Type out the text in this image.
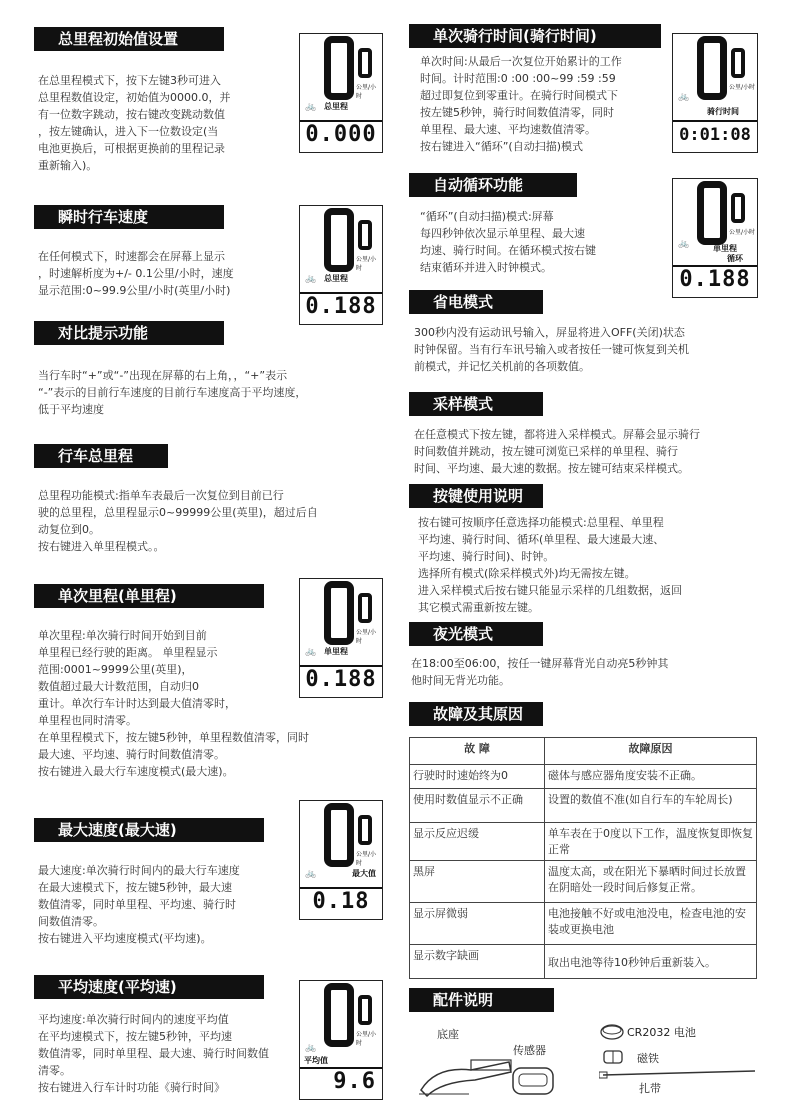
总里程初始值设置
在总里程模式下，按下左键3秒可进入
总里程数值设定，初始值为0000.0，并
有一位数字跳动，按右键改变跳动数值
，按左键确认，进入下一位数设定(当
电池更换后，可根据更换前的里程记录
重新输入)。
公里/小时
🚲 总里程
0.000
瞬时行车速度
在任何模式下，时速都会在屏幕上显示
，时速解析度为+/- 0.1公里/小时，速度
显示范围:0~99.9公里/小时(英里/小时)
公里/小时
🚲 总里程
0.188
对比提示功能
当行车时“+”或“-”出现在屏幕的右上角，，“+”表示
“-”表示的目前行车速度的目前行车速度高于平均速度，
低于平均速度
行车总里程
总里程功能模式:指单车表最后一次复位到目前已行
驶的总里程，总里程显示0~99999公里(英里)，超过后自
动复位到0。
按右键进入单里程模式。。
单次里程(单里程)
单次里程:单次骑行时间开始到目前
单里程已经行驶的距离。 单里程显示
范围:0001~9999公里(英里)，
数值超过最大计数范围，自动归0
重计。单次行车计时达到最大值清零时，
单里程也同时清零。
在单里程模式下，按左键5秒钟，单里程数值清零，同时
最大速、平均速、骑行时间数值清零。
按右键进入最大行车速度模式(最大速)。
公里/小时
🚲 单里程
0.188
最大速度(最大速)
最大速度:单次骑行时间内的最大行车速度
在最大速模式下，按左键5秒钟，最大速
数值清零，同时单里程、平均速、骑行时
间数值清零。
按右键进入平均速度模式(平均速)。
公里/小时
🚲	最大值
0.18
平均速度(平均速)
平均速度:单次骑行时间内的速度平均值
在平均速模式下，按左键5秒钟，平均速
数值清零，同时单里程、最大速、骑行时间数值
清零。
按右键进入行车计时功能《骑行时间》
公里/小时
🚲
平均值
9.6
单次骑行时间(骑行时间)
单次时间:从最后一次复位开始累计的工作
时间。计时范围:0 :00 :00~99 :59 :59
超过即复位到零重计。在骑行时间模式下
按左键5秒钟，骑行时间数值清零，同时
单里程、最大速、平均速数值清零。
按右键进入“循环”(自动扫描)模式
公里/小时
🚲
骑行时间
0:01:08
自动循环功能
“循环”(自动扫描)模式:屏幕
每四秒钟依次显示单里程、最大速
均速、骑行时间。在循环模式按右键
结束循环并进入时钟模式。
公里/小时
🚲	单里程
循环
0.188
省电模式
300秒内没有运动讯号输入，屏显将进入OFF(关闭)状态
时钟保留。当有行车讯号输入或者按任一键可恢复到关机
前模式，并记忆关机前的各项数值。
采样模式
在任意模式下按左键，都将进入采样模式。屏幕会显示骑行
时间数值并跳动，按左键可浏览已采样的单里程、骑行
时间、平均速、最大速的数据。按左键可结束采样模式。
按键使用说明
按右键可按顺序任意选择功能模式:总里程、单里程
平均速、骑行时间、循环(单里程、最大速最大速、
平均速、骑行时间)、时钟。
选择所有模式(除采样模式外)均无需按左键。
进入采样模式后按右键只能显示采样的几组数据，返回
其它模式需重新按左键。
夜光模式
在18:00至06:00，按任一键屏幕背光自动亮5秒钟其
他时间无背光功能。
故障及其原因
故 障	故障原因
行驶时时速始终为0	磁体与感应器角度安装不正确。
使用时数值显示不正确	设置的数值不准(如自行车的车轮周长)
显示反应迟缓	单车表在于0度以下工作，温度恢复即恢复正常
黑屏	温度太高，或在阳光下暴晒时间过长放置在阴暗处一段时间后修复正常。
显示屏微弱	电池接触不好或电池没电，检查电池的安装或更换电池
显示数字缺画	取出电池等待10秒钟后重新装入。
配件说明
底座
传感器
CR2032 电池
磁铁
扎带
